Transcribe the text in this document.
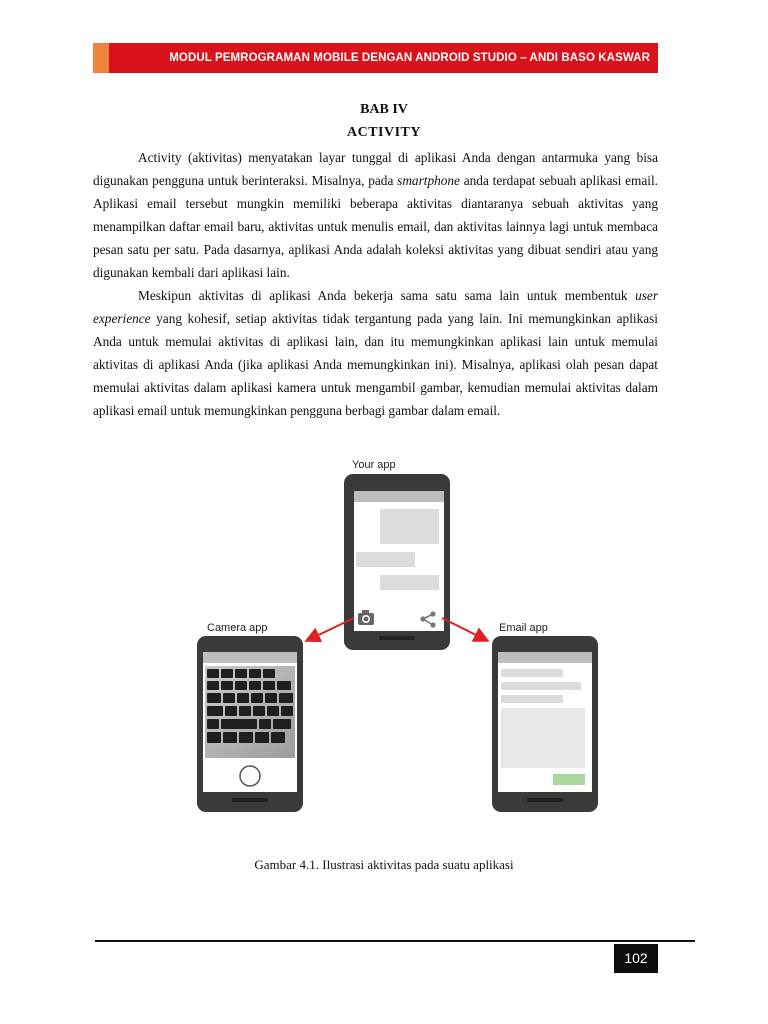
MODUL PEMROGRAMAN MOBILE DENGAN ANDROID STUDIO – ANDI BASO KASWAR
BAB IV
ACTIVITY

Activity (aktivitas) menyatakan layar tunggal di aplikasi Anda dengan antarmuka yang bisa digunakan pengguna untuk berinteraksi. Misalnya, pada smartphone anda terdapat sebuah aplikasi email. Aplikasi email tersebut mungkin memiliki beberapa aktivitas diantaranya sebuah aktivitas yang menampilkan daftar email baru, aktivitas untuk menulis email, dan aktivitas lainnya lagi untuk membaca pesan satu per satu. Pada dasarnya, aplikasi Anda adalah koleksi aktivitas yang dibuat sendiri atau yang digunakan kembali dari aplikasi lain.

Meskipun aktivitas di aplikasi Anda bekerja sama satu sama lain untuk membentuk user experience yang kohesif, setiap aktivitas tidak tergantung pada yang lain. Ini memungkinkan aplikasi Anda untuk memulai aktivitas di aplikasi lain, dan itu memungkinkan aplikasi lain untuk memulai aktivitas di aplikasi Anda (jika aplikasi Anda memungkinkan ini). Misalnya, aplikasi olah pesan dapat memulai aktivitas dalam aplikasi kamera untuk mengambil gambar, kemudian memulai aktivitas dalam aplikasi email untuk memungkinkan pengguna berbagi gambar dalam email.

Your app
Camera app	Email app
Gambar 4.1. Ilustrasi aktivitas pada suatu aplikasi
102
